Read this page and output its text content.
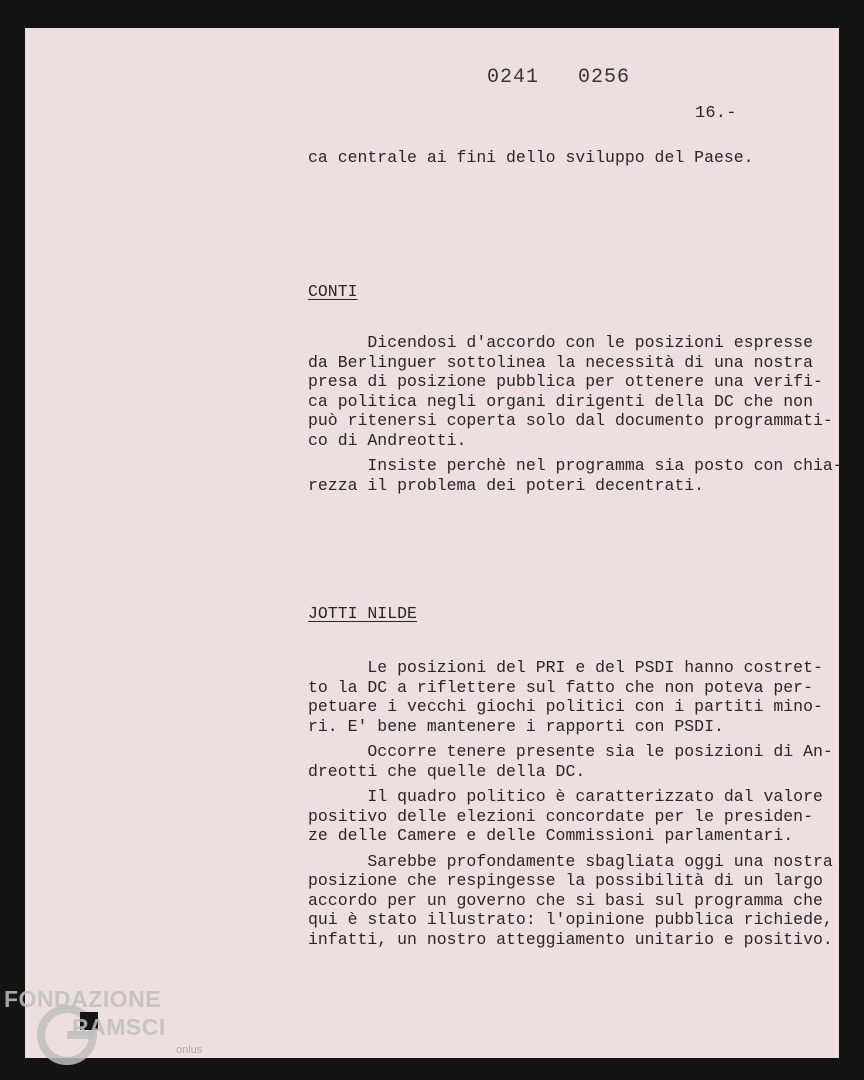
0241   0256
16.-

ca centrale ai fini dello sviluppo del Paese.

CONTI

Dicendosi d'accordo con le posizioni espresse
da Berlinguer sottolinea la necessità di una nostra
presa di posizione pubblica per ottenere una verifi-
ca politica negli organi dirigenti della DC che non
può ritenersi coperta solo dal documento programmati-
co di Andreotti.

Insiste perchè nel programma sia posto con chia-
rezza il problema dei poteri decentrati.

JOTTI NILDE

Le posizioni del PRI e del PSDI hanno costret-
to la DC a riflettere sul fatto che non poteva per-
petuare i vecchi giochi politici con i partiti mino-
ri. E' bene mantenere i rapporti con PSDI.

Occorre tenere presente sia le posizioni di An-
dreotti che quelle della DC.

Il quadro politico è caratterizzato dal valore
positivo delle elezioni concordate per le presiden-
ze delle Camere e delle Commissioni parlamentari.

Sarebbe profondamente sbagliata oggi una nostra
posizione che respingesse la possibilità di un largo
accordo per un governo che si basi sul programma che
qui è stato illustrato: l'opinione pubblica richiede,
infatti, un nostro atteggiamento unitario e positivo.

FONDAZIONE
RAMSCI
onlus
